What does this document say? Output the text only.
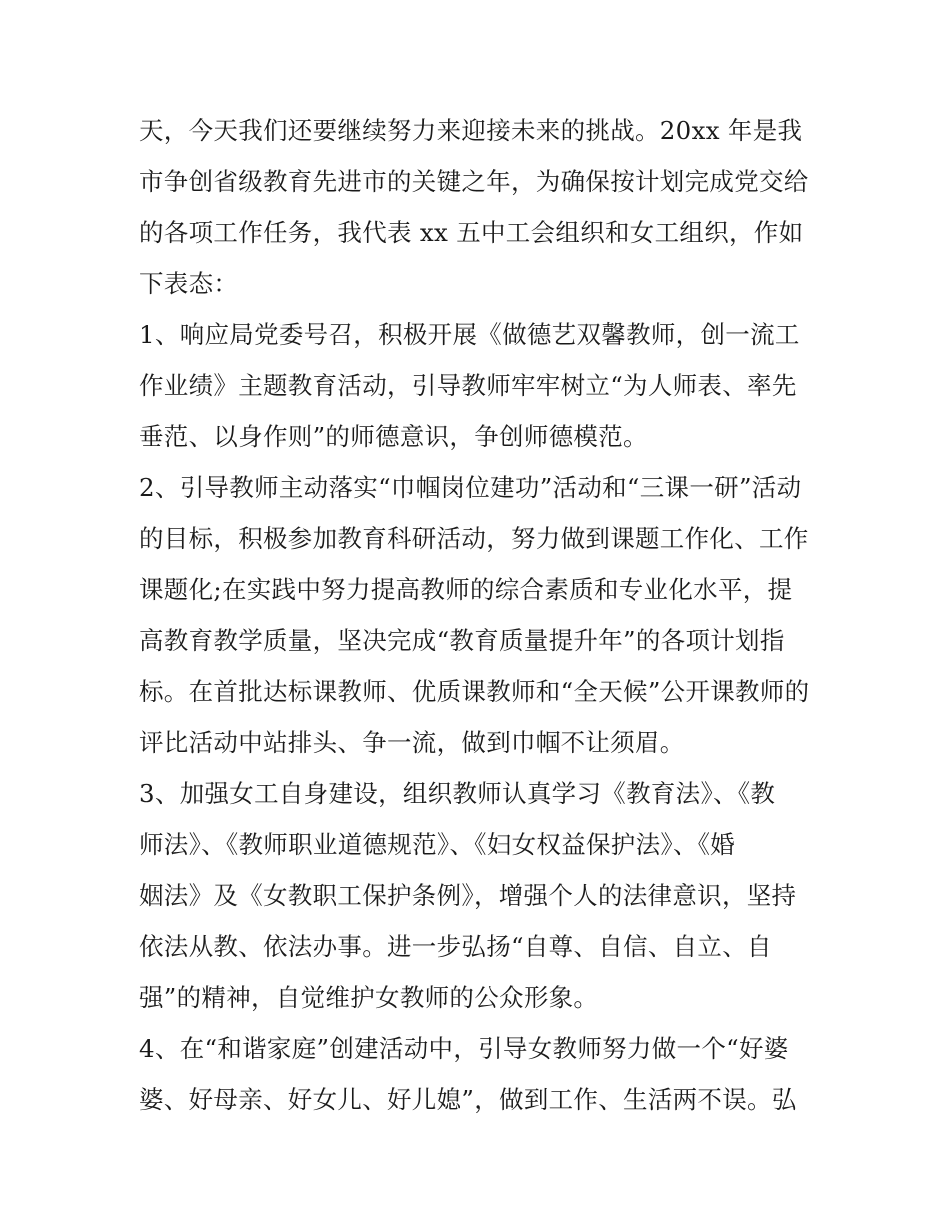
天，今天我们还要继续努力来迎接未来的挑战。20xx 年是我
市争创省级教育先进市的关键之年，为确保按计划完成党交给
的各项工作任务，我代表 xx 五中工会组织和女工组织，作如
下表态：
1、响应局党委号召，积极开展《做德艺双馨教师，创一流工
作业绩》主题教育活动，引导教师牢牢树立“为人师表、率先
垂范、以身作则”的师德意识，争创师德模范。
2、引导教师主动落实“巾帼岗位建功”活动和“三课一研”活动
的目标，积极参加教育科研活动，努力做到课题工作化、工作
课题化;在实践中努力提高教师的综合素质和专业化水平，提
高教育教学质量，坚决完成“教育质量提升年”的各项计划指
标。在首批达标课教师、优质课教师和“全天候”公开课教师的
评比活动中站排头、争一流，做到巾帼不让须眉。
3、加强女工自身建设，组织教师认真学习《教育法》、《教
师法》、《教师职业道德规范》、《妇女权益保护法》、《婚
姻法》及《女教职工保护条例》，增强个人的法律意识，坚持
依法从教、依法办事。进一步弘扬“自尊、自信、自立、自
强”的精神，自觉维护女教师的公众形象。
4、在“和谐家庭”创建活动中，引导女教师努力做一个“好婆
婆、好母亲、好女儿、好儿媳”，做到工作、生活两不误。弘
